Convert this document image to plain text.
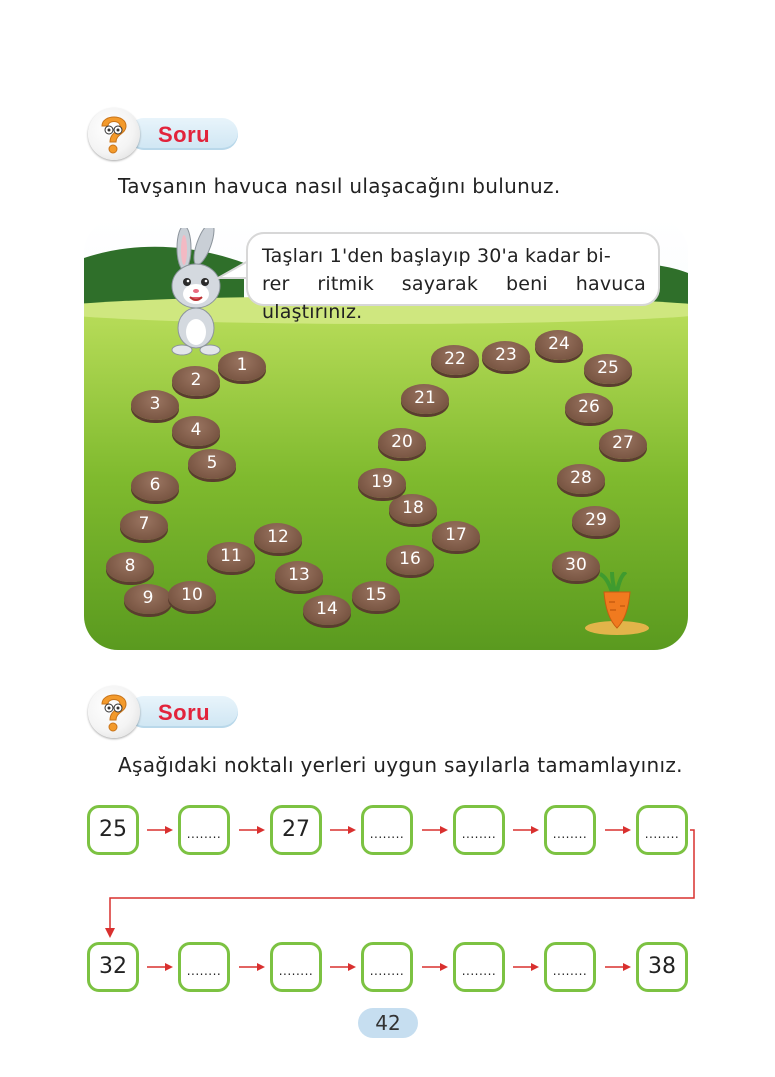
Soru
Tavşanın havuca nasıl ulaşacağını bulunuz.
1
2
3
4
5
6
7
8
9	10
11
12
13
14
15
16
17
18
19
20
21
22	23
24
25
26
27
28
29
30
Taşları 1'den başlayıp 30'a kadar bi-
rer ritmik sayarak beni havuca ulaştırınız.
Soru
Aşağıdaki noktalı yerleri uygun sayılarla tamamlayınız.
25	........	27	........	........	........	........
32	........	........	........	........	........	38
42
